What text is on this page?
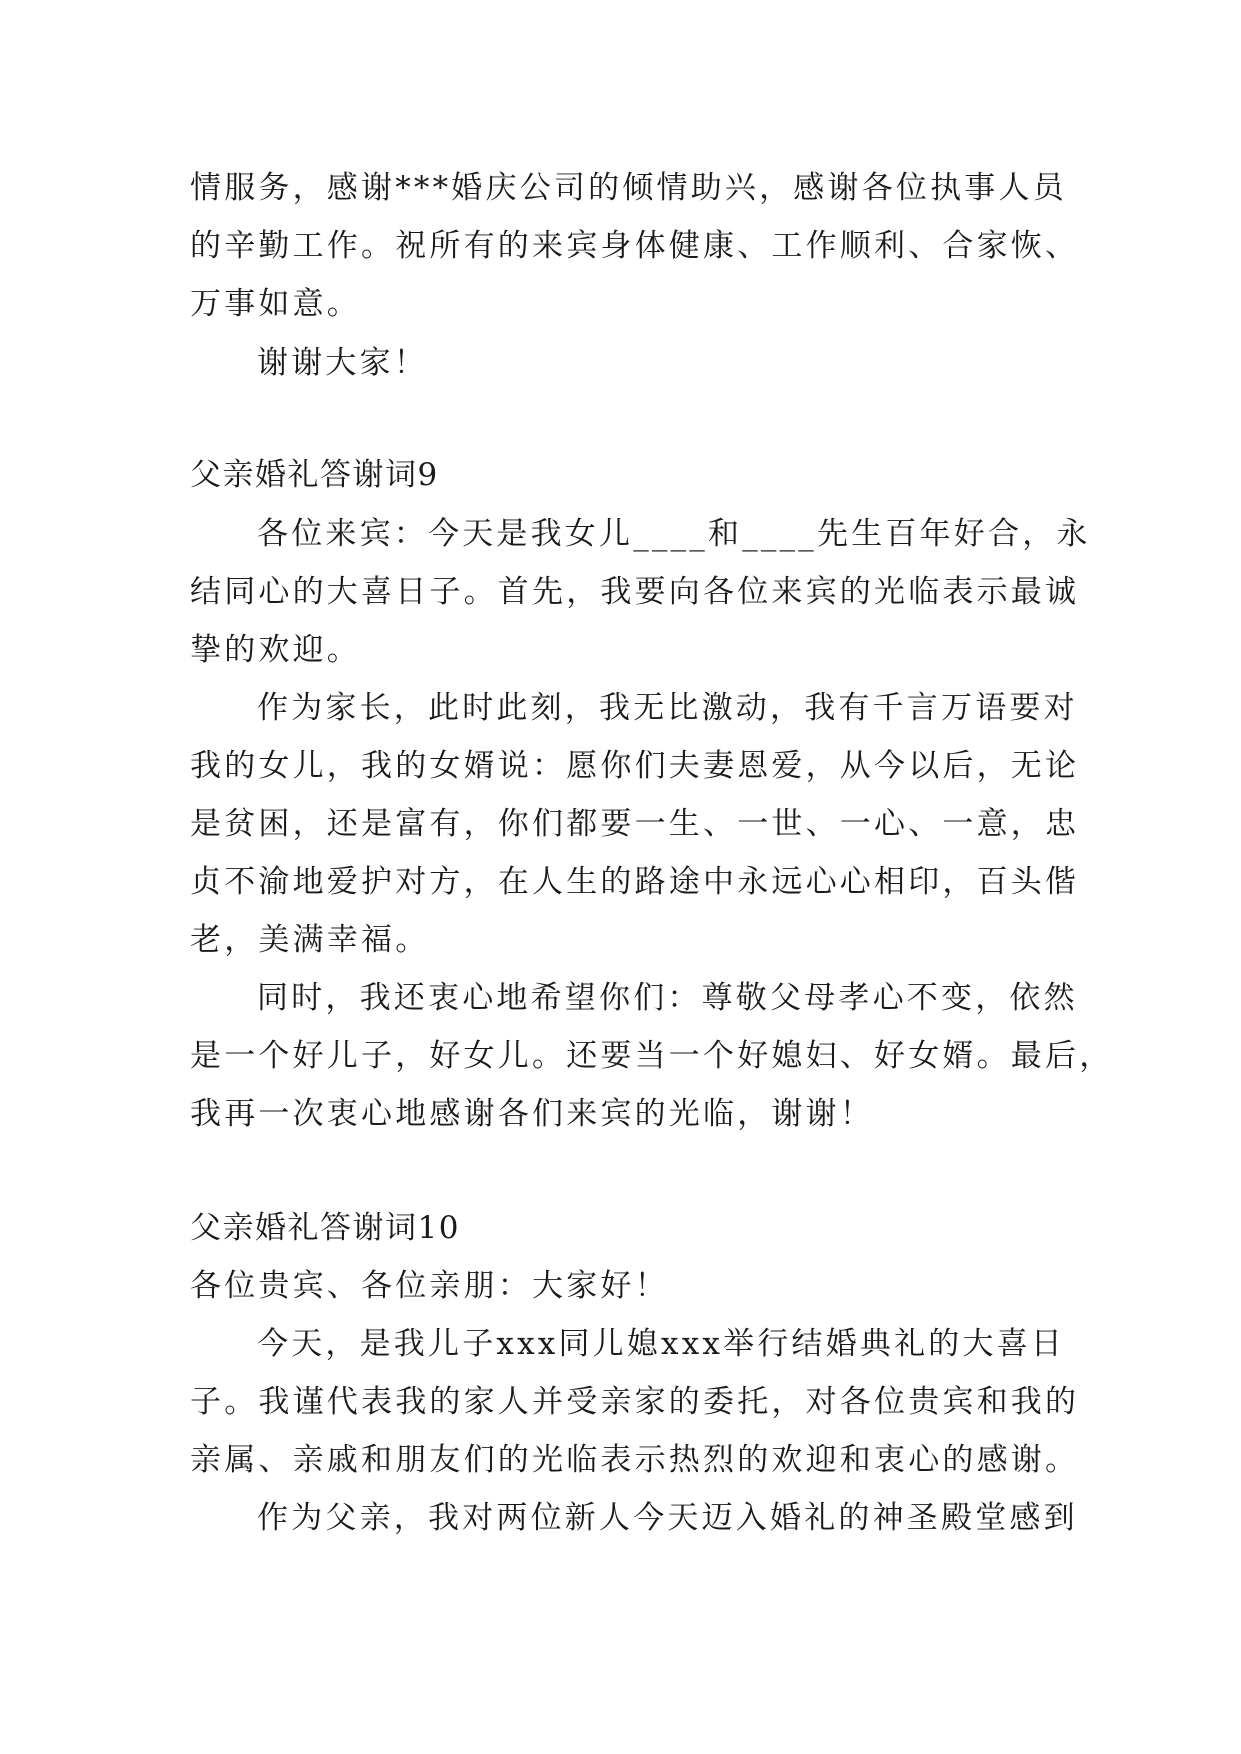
情服务，感谢***婚庆公司的倾情助兴，感谢各位执事人员
的辛勤工作。祝所有的来宾身体健康、工作顺利、合家恢、
万事如意。
谢谢大家！
父亲婚礼答谢词9
各位来宾：今天是我女儿____和____先生百年好合，永
结同心的大喜日子。首先，我要向各位来宾的光临表示最诚
挚的欢迎。
作为家长，此时此刻，我无比激动，我有千言万语要对
我的女儿，我的女婿说：愿你们夫妻恩爱，从今以后，无论
是贫困，还是富有，你们都要一生、一世、一心、一意，忠
贞不渝地爱护对方，在人生的路途中永远心心相印，百头偕
老，美满幸福。
同时，我还衷心地希望你们：尊敬父母孝心不变，依然
是一个好儿子，好女儿。还要当一个好媳妇、好女婿。最后，
我再一次衷心地感谢各们来宾的光临，谢谢！
父亲婚礼答谢词10
各位贵宾、各位亲朋：大家好！
今天，是我儿子xxx同儿媳xxx举行结婚典礼的大喜日
子。我谨代表我的家人并受亲家的委托，对各位贵宾和我的
亲属、亲戚和朋友们的光临表示热烈的欢迎和衷心的感谢。
作为父亲，我对两位新人今天迈入婚礼的神圣殿堂感到
